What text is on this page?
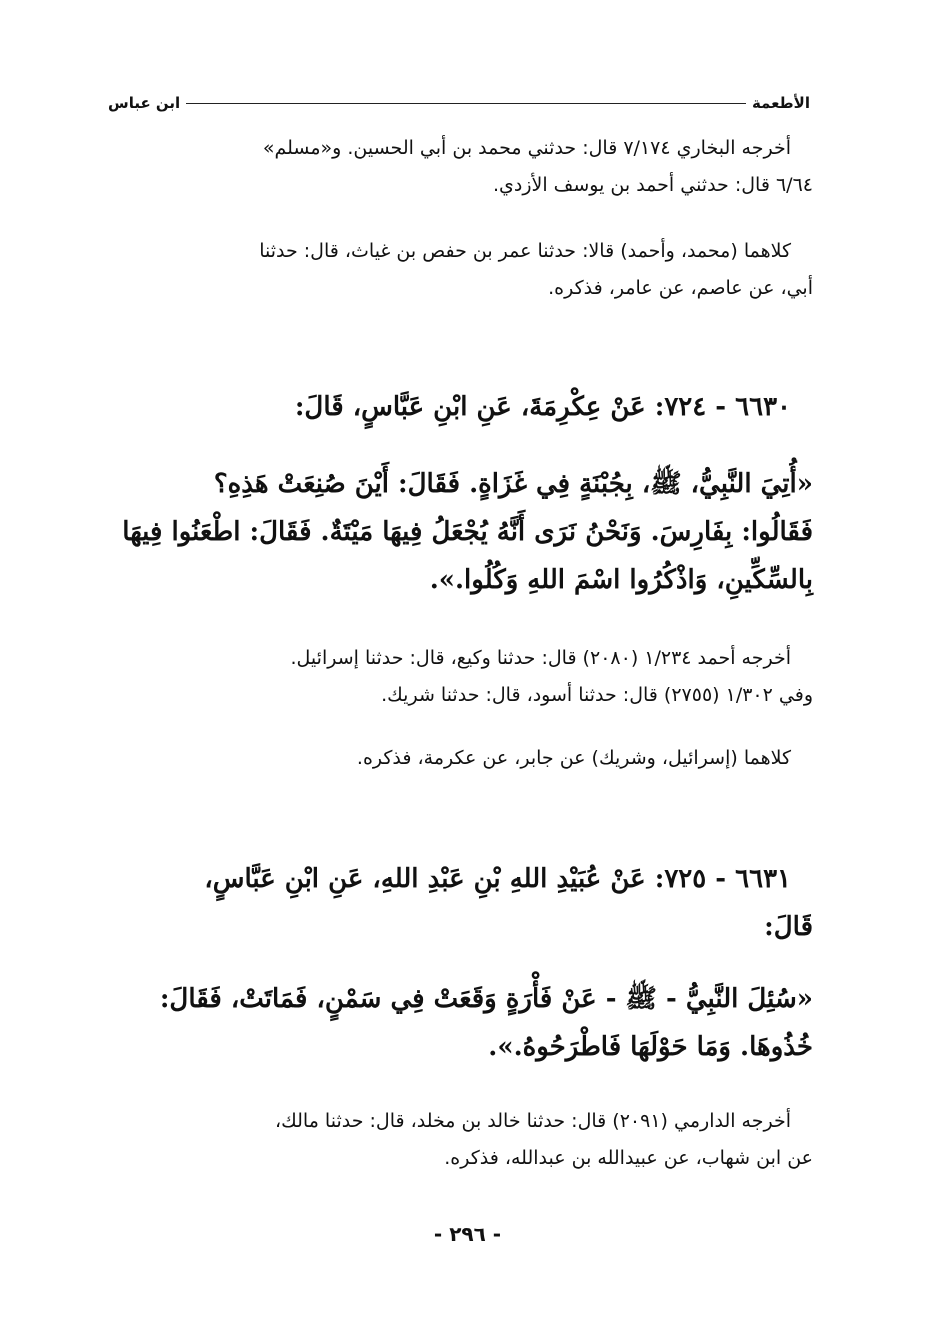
الأطعمة
ابن عباس
أخرجه البخاري ٧/١٧٤ قال: حدثني محمد بن أبي الحسين. و«مسلم»
٦/٦٤ قال: حدثني أحمد بن يوسف الأزدي.
كلاهما (محمد، وأحمد) قالا: حدثنا عمر بن حفص بن غياث، قال: حدثنا
أبي، عن عاصم، عن عامر، فذكره.
٦٦٣٠ - ٧٢٤: عَنْ عِكْرِمَةَ، عَنِ ابْنِ عَبَّاسٍ، قَالَ:
«أُتِيَ النَّبِيُّ، ﷺ، بِجُبْنَةٍ فِي غَزَاةٍ. فَقَالَ: أَيْنَ صُنِعَتْ هَذِهِ؟
فَقَالُوا: بِفَارِسَ. وَنَحْنُ نَرَى أَنَّهُ يُجْعَلُ فِيهَا مَيْتَةٌ. فَقَالَ: اطْعَنُوا فِيهَا
بِالسِّكِّينِ، وَاذْكُرُوا اسْمَ اللهِ وَكُلُوا.».
أخرجه أحمد ١/٢٣٤ (٢٠٨٠) قال: حدثنا وكيع، قال: حدثنا إسرائيل.
وفي ١/٣٠٢ (٢٧٥٥) قال: حدثنا أسود، قال: حدثنا شريك.
كلاهما (إسرائيل، وشريك) عن جابر، عن عكرمة، فذكره.
٦٦٣١ - ٧٢٥: عَنْ عُبَيْدِ اللهِ بْنِ عَبْدِ اللهِ، عَنِ ابْنِ عَبَّاسٍ،
قَالَ:
«سُئِلَ النَّبِيُّ - ﷺ - عَنْ فَأْرَةٍ وَقَعَتْ فِي سَمْنٍ، فَمَاتَتْ، فَقَالَ:
خُذُوهَا. وَمَا حَوْلَهَا فَاطْرَحُوهُ.».
أخرجه الدارمي (٢٠٩١) قال: حدثنا خالد بن مخلد، قال: حدثنا مالك،
عن ابن شهاب، عن عبيدالله بن عبدالله، فذكره.
- ٢٩٦ -
